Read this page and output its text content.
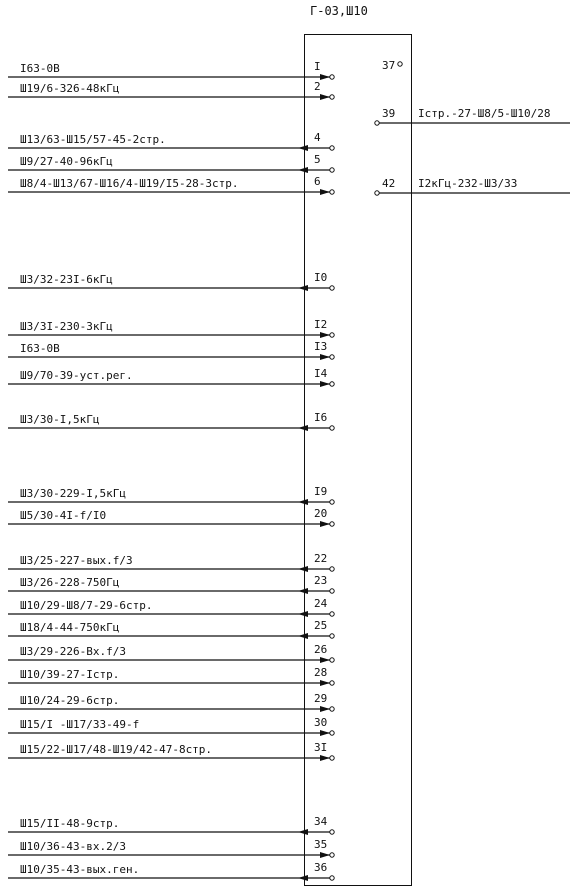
Г-03,Ш10
I63-0B	I
Ш19/6-326-48кГц	2
Ш13/63-Ш15/57-45-2стр.	4
Ш9/27-40-96кГц	5
Ш8/4-Ш13/67-Ш16/4-Ш19/I5-28-3стр.	6
Ш3/32-23I-6кГц	I0
Ш3/3I-230-3кГц	I2
I63-0B	I3
Ш9/70-39-уст.рег.	I4
Ш3/30-I,5кГц	I6
Ш3/30-229-I,5кГц	I9
Ш5/30-4I-f/I0	20
Ш3/25-227-вых.f/3	22
Ш3/26-228-750Гц	23
Ш10/29-Ш8/7-29-6стр.	24
Ш18/4-44-750кГц	25
Ш3/29-226-Вх.f/3	26
Ш10/39-27-Iстр.	28
Ш10/24-29-6стр.	29
Ш15/I -Ш17/33-49-f	30
Ш15/22-Ш17/48-Ш19/42-47-8стр.	3I
Ш15/II-48-9стр.	34
Ш10/36-43-вх.2/3	35
Ш10/35-43-вых.ген.	36
37
39 Iстр.-27-Ш8/5-Ш10/28
42 I2кГц-232-Ш3/33
